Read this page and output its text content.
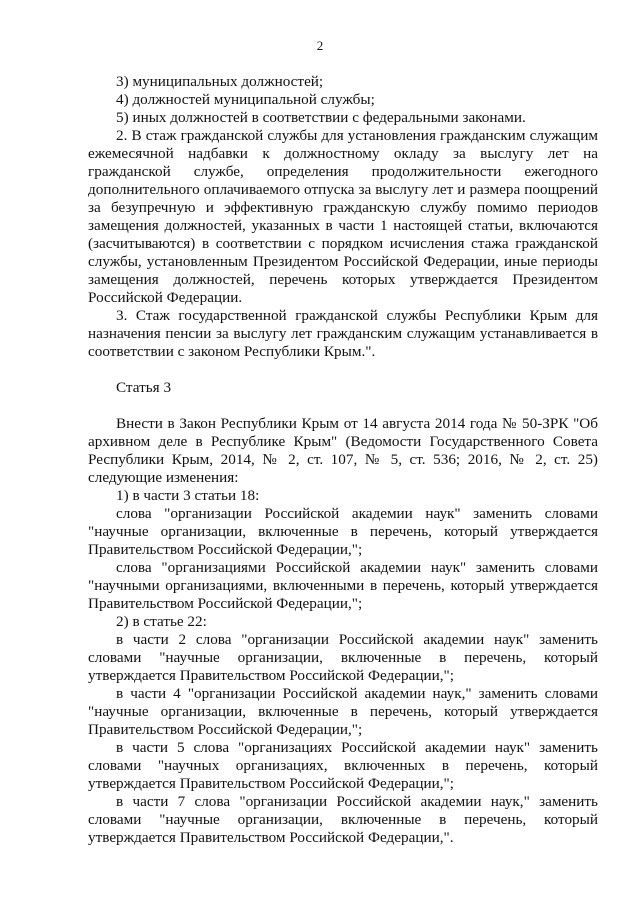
2

3) муниципальных должностей;

4) должностей муниципальной службы;

5) иных должностей в соответствии с федеральными законами.

2. В стаж гражданской службы для установления гражданским служащим ежемесячной надбавки к должностному окладу за выслугу лет на гражданской службе, определения продолжительности ежегодного дополнительного оплачиваемого отпуска за выслугу лет и размера поощрений за безупречную и эффективную гражданскую службу помимо периодов замещения должностей, указанных в части 1 настоящей статьи, включаются (засчитываются) в соответствии с порядком исчисления стажа гражданской службы, установленным Президентом Российской Федерации, иные периоды замещения должностей, перечень которых утверждается Президентом Российской Федерации.

3. Стаж государственной гражданской службы Республики Крым для назначения пенсии за выслугу лет гражданским служащим устанавливается в соответствии с законом Республики Крым.".

Статья 3

Внести в Закон Республики Крым от 14 августа 2014 года № 50-ЗРК "Об архивном деле в Республике Крым" (Ведомости Государственного Совета Республики Крым, 2014, № 2, ст. 107, № 5, ст. 536; 2016, № 2, ст. 25) следующие изменения:

1) в части 3 статьи 18:

слова "организации Российской академии наук" заменить словами "научные организации, включенные в перечень, который утверждается Правительством Российской Федерации,";

слова "организациями Российской академии наук" заменить словами "научными организациями, включенными в перечень, который утверждается Правительством Российской Федерации,";

2) в статье 22:

в части 2 слова "организации Российской академии наук" заменить словами "научные организации, включенные в перечень, который утверждается Правительством Российской Федерации,";

в части 4 "организации Российской академии наук," заменить словами "научные организации, включенные в перечень, который утверждается Правительством Российской Федерации,";

в части 5 слова "организациях Российской академии наук" заменить словами "научных организациях, включенных в перечень, который утверждается Правительством Российской Федерации,";

в части 7 слова "организации Российской академии наук," заменить словами "научные организации, включенные в перечень, который утверждается Правительством Российской Федерации,".
